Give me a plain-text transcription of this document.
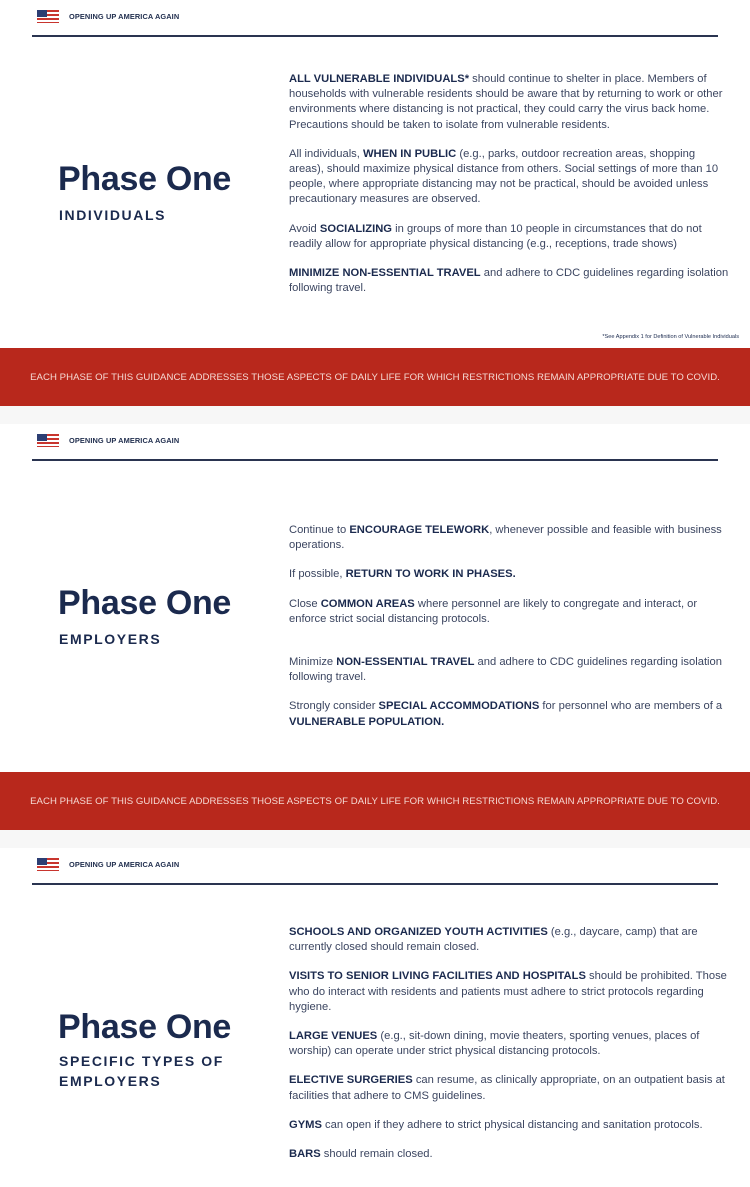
OPENING UP AMERICA AGAIN
Phase One
INDIVIDUALS

ALL VULNERABLE INDIVIDUALS* should continue to shelter in place. Members of households with vulnerable residents should be aware that by returning to work or other environments where distancing is not practical, they could carry the virus back home. Precautions should be taken to isolate from vulnerable residents.

All individuals, WHEN IN PUBLIC (e.g., parks, outdoor recreation areas, shopping areas), should maximize physical distance from others. Social settings of more than 10 people, where appropriate distancing may not be practical, should be avoided unless precautionary measures are observed.

Avoid SOCIALIZING in groups of more than 10 people in circumstances that do not readily allow for appropriate physical distancing (e.g., receptions, trade shows)

MINIMIZE NON-ESSENTIAL TRAVEL and adhere to CDC guidelines regarding isolation following travel.

*See Appendix 1 for Definition of Vulnerable Individuals
EACH PHASE OF THIS GUIDANCE ADDRESSES THOSE ASPECTS OF DAILY LIFE FOR WHICH RESTRICTIONS REMAIN APPROPRIATE DUE TO COVID.
OPENING UP AMERICA AGAIN
Phase One
EMPLOYERS

Continue to ENCOURAGE TELEWORK, whenever possible and feasible with business operations.

If possible, RETURN TO WORK IN PHASES.

Close COMMON AREAS where personnel are likely to congregate and interact, or enforce strict social distancing protocols.

Minimize NON-ESSENTIAL TRAVEL and adhere to CDC guidelines regarding isolation following travel.

Strongly consider SPECIAL ACCOMMODATIONS for personnel who are members of a VULNERABLE POPULATION.

EACH PHASE OF THIS GUIDANCE ADDRESSES THOSE ASPECTS OF DAILY LIFE FOR WHICH RESTRICTIONS REMAIN APPROPRIATE DUE TO COVID.
OPENING UP AMERICA AGAIN
Phase One
SPECIFIC TYPES OF
EMPLOYERS

SCHOOLS AND ORGANIZED YOUTH ACTIVITIES (e.g., daycare, camp) that are currently closed should remain closed.

VISITS TO SENIOR LIVING FACILITIES AND HOSPITALS should be prohibited. Those who do interact with residents and patients must adhere to strict protocols regarding hygiene.

LARGE VENUES (e.g., sit-down dining, movie theaters, sporting venues, places of worship) can operate under strict physical distancing protocols.

ELECTIVE SURGERIES can resume, as clinically appropriate, on an outpatient basis at facilities that adhere to CMS guidelines.

GYMS can open if they adhere to strict physical distancing and sanitation protocols.

BARS should remain closed.
